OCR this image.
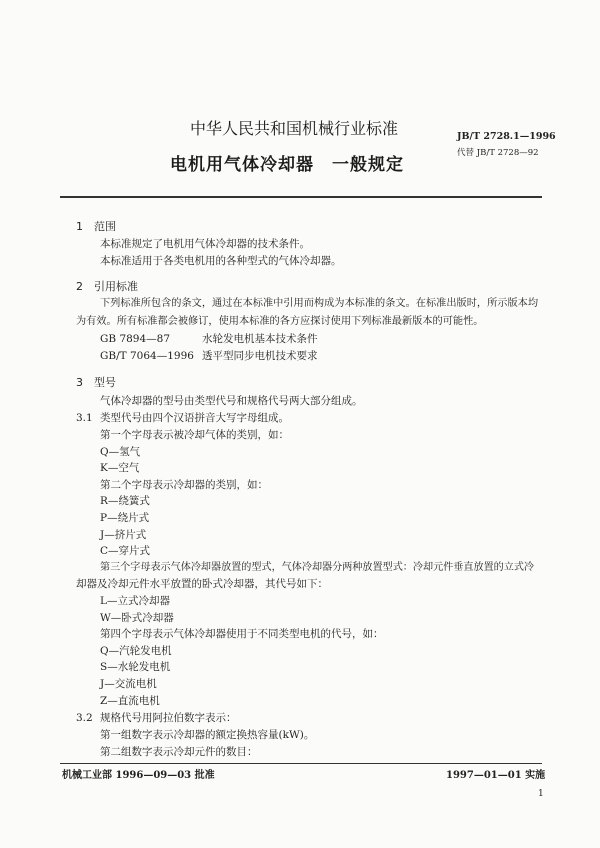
中华人民共和国机械行业标准	JB/T 2728.1—1996
代替 JB/T 2728—92
电机用气体冷却器　一般规定
1 范围
本标准规定了电机用气体冷却器的技术条件。
本标准适用于各类电机用的各种型式的气体冷却器。
2 引用标准
下列标准所包含的条文，通过在本标准中引用而构成为本标准的条文。在标准出版时，所示版本均
为有效。所有标准都会被修订，使用本标准的各方应探讨使用下列标准最新版本的可能性。
GB 7894—87	水轮发电机基本技术条件
GB/T 7064—1996 透平型同步电机技术要求
3 型号
气体冷却器的型号由类型代号和规格代号两大部分组成。
3.1 类型代号由四个汉语拼音大写字母组成。
第一个字母表示被冷却气体的类别，如：
Q—氢气
K—空气
第二个字母表示冷却器的类别，如：
R—绕簧式
P—绕片式
J—挤片式
C—穿片式
第三个字母表示气体冷却器放置的型式，气体冷却器分两种放置型式：冷却元件垂直放置的立式冷
却器及冷却元件水平放置的卧式冷却器，其代号如下：
L—立式冷却器
W—卧式冷却器
第四个字母表示气体冷却器使用于不同类型电机的代号，如：
Q—汽轮发电机
S—水轮发电机
J—交流电机
Z—直流电机
3.2 规格代号用阿拉伯数字表示：
第一组数字表示冷却器的额定换热容量(kW)。
第二组数字表示冷却元件的数目：
机械工业部 1996—09—03 批准	1997—01—01 实施
1
